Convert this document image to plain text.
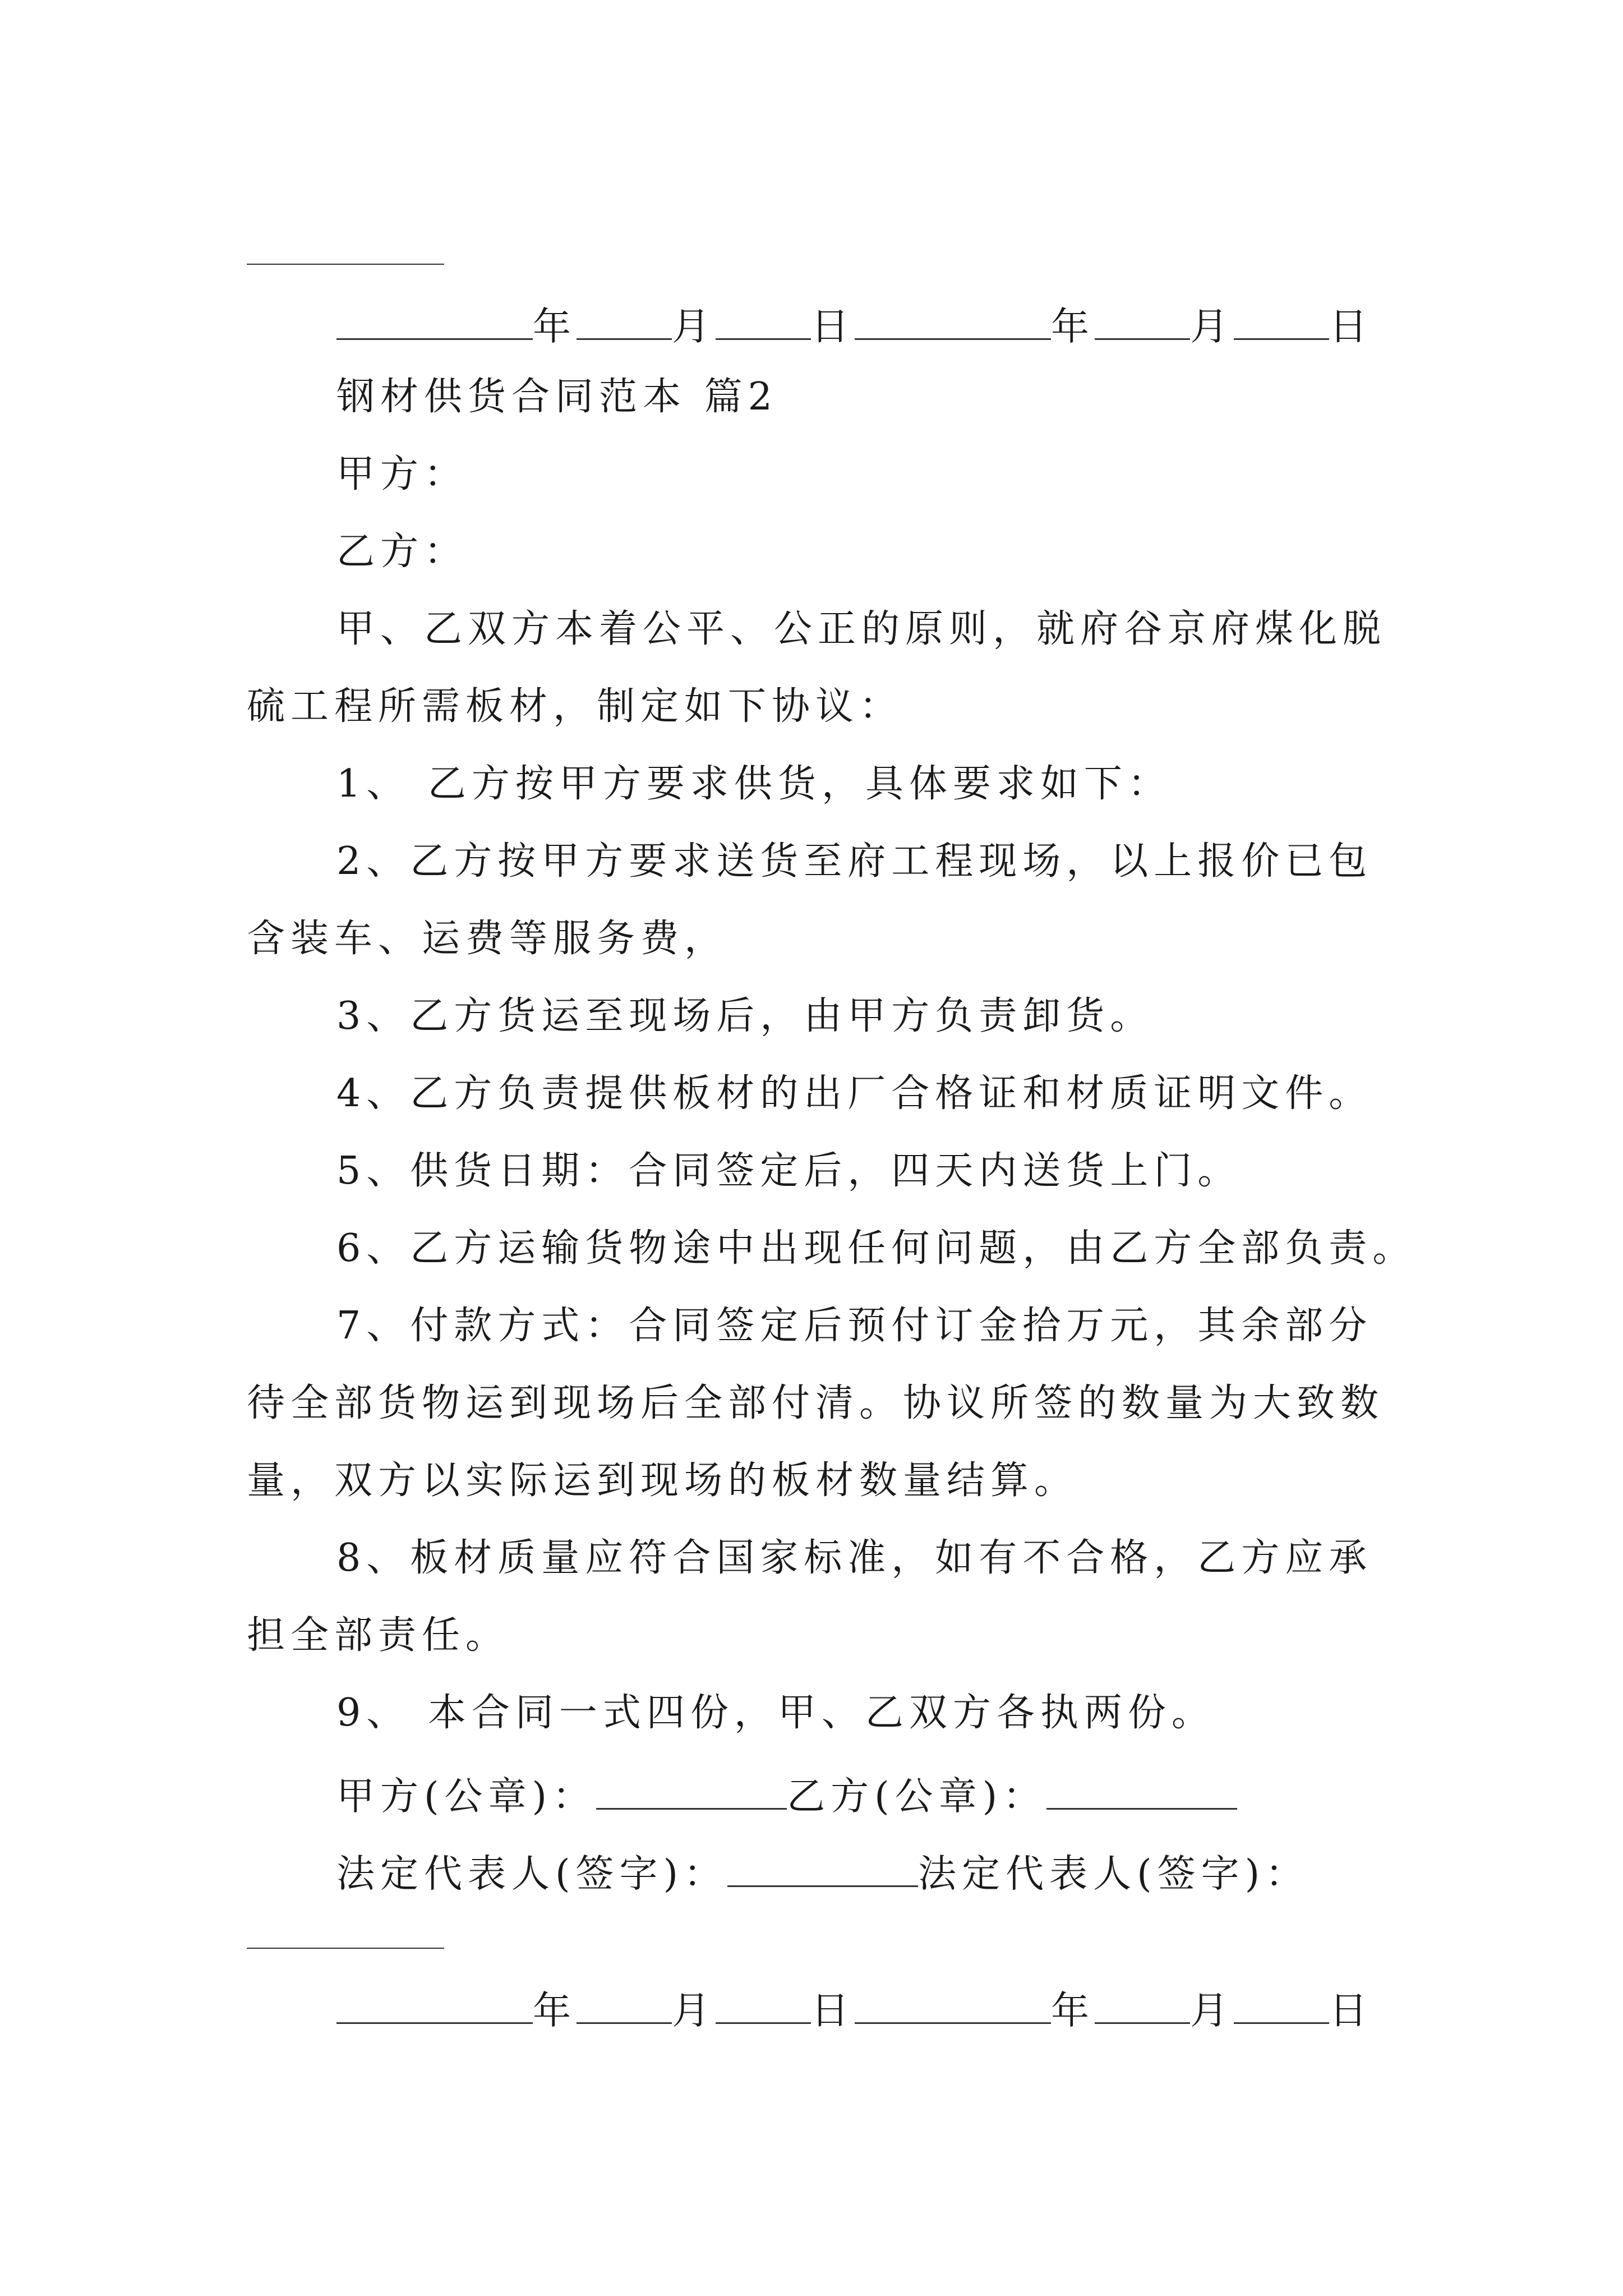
年	月	日	年	月	日
钢材供货合同范本 篇2
甲方：
乙方：
甲、乙双方本着公平、公正的原则，就府谷京府煤化脱
硫工程所需板材，制定如下协议：
1、 乙方按甲方要求供货，具体要求如下：
2、乙方按甲方要求送货至府工程现场，以上报价已包
含装车、运费等服务费，
3、乙方货运至现场后，由甲方负责卸货。
4、乙方负责提供板材的出厂合格证和材质证明文件。
5、供货日期：合同签定后，四天内送货上门。
6、乙方运输货物途中出现任何问题，由乙方全部负责。
7、付款方式：合同签定后预付订金拾万元，其余部分
待全部货物运到现场后全部付清。协议所签的数量为大致数
量，双方以实际运到现场的板材数量结算。
8、板材质量应符合国家标准，如有不合格，乙方应承
担全部责任。
9、 本合同一式四份，甲、乙双方各执两份。
甲方(公章)：	乙方(公章)：
法定代表人(签字)：	法定代表人(签字)：
年	月	日	年	月	日
